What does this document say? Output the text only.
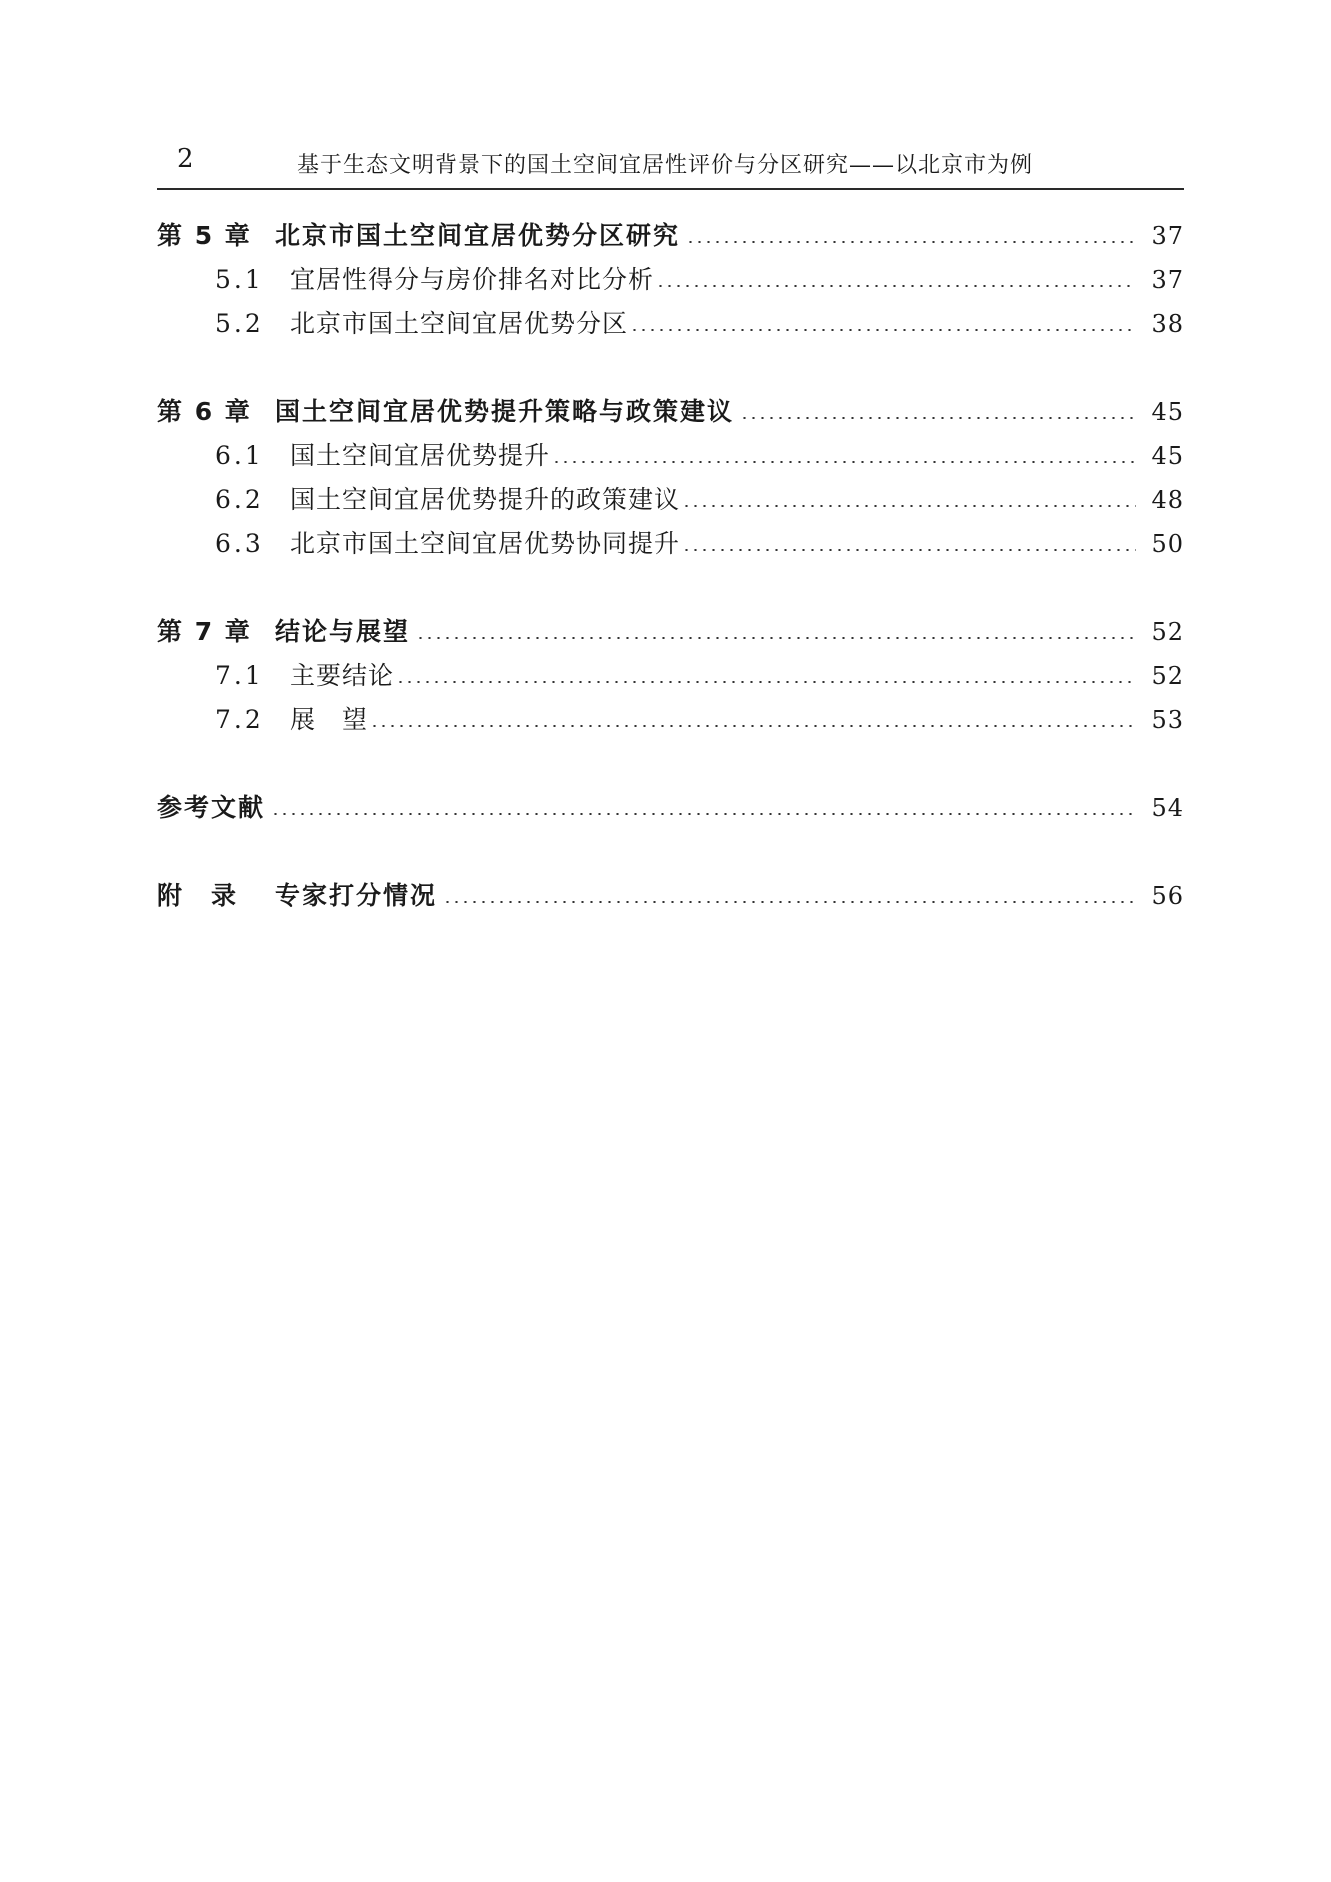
2	基于生态文明背景下的国土空间宜居性评价与分区研究——以北京市为例
第 5 章 北京市国土空间宜居优势分区研究	37
5.1	宜居性得分与房价排名对比分析	37
5.2	北京市国土空间宜居优势分区	38
第 6 章 国土空间宜居优势提升策略与政策建议	45
6.1	国土空间宜居优势提升	45
6.2	国土空间宜居优势提升的政策建议	48
6.3	北京市国土空间宜居优势协同提升	50
第 7 章 结论与展望	52
7.1	主要结论	52
7.2	展　望	53
参考文献	54
附　录	专家打分情况	56
